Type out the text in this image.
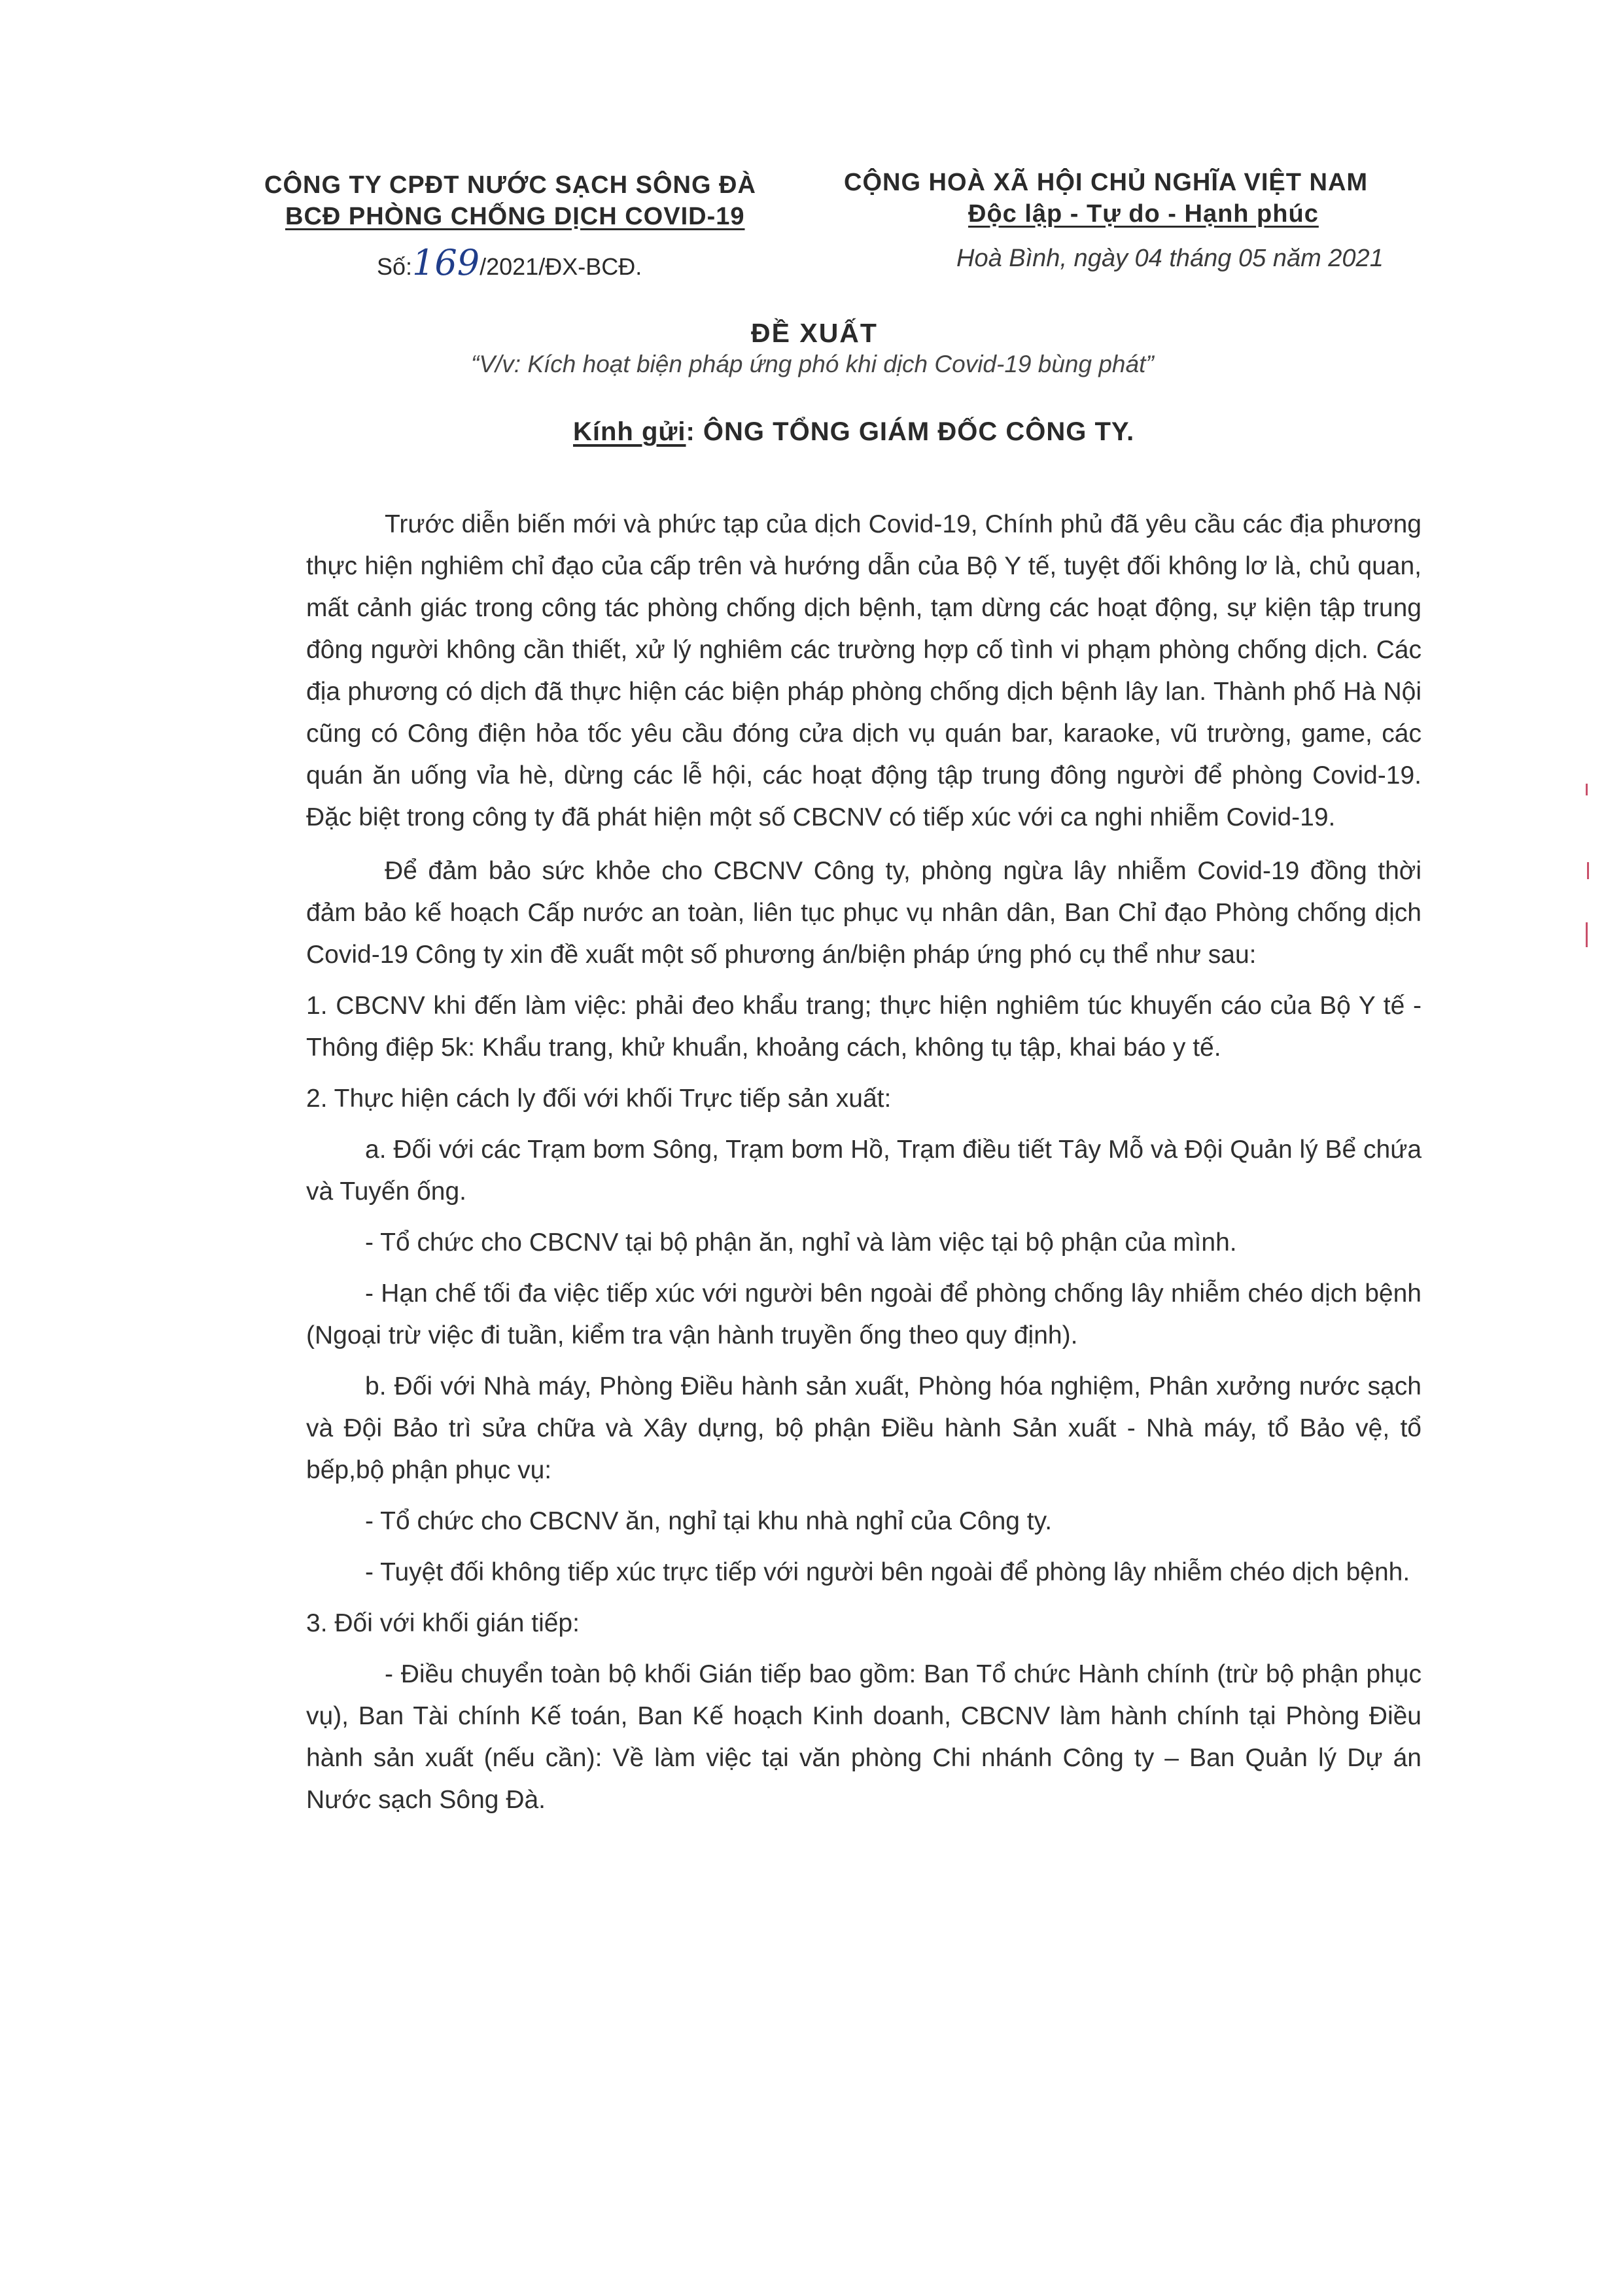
CÔNG TY CPĐT NƯỚC SẠCH SÔNG ĐÀ
BCĐ PHÒNG CHỐNG DỊCH COVID-19
Số:169/2021/ĐX-BCĐ.
CỘNG HOÀ XÃ HỘI CHỦ NGHĨA VIỆT NAM
Độc lập - Tự do - Hạnh phúc
Hoà Bình, ngày 04 tháng 05 năm 2021
ĐỀ XUẤT
“V/v: Kích hoạt biện pháp ứng phó khi dịch Covid-19 bùng phát”
Kính gửi: ÔNG TỔNG GIÁM ĐỐC CÔNG TY.

Trước diễn biến mới và phức tạp của dịch Covid-19, Chính phủ đã yêu cầu các địa phương thực hiện nghiêm chỉ đạo của cấp trên và hướng dẫn của Bộ Y tế, tuyệt đối không lơ là, chủ quan, mất cảnh giác trong công tác phòng chống dịch bệnh, tạm dừng các hoạt động, sự kiện tập trung đông người không cần thiết, xử lý nghiêm các trường hợp cố tình vi phạm phòng chống dịch. Các địa phương có dịch đã thực hiện các biện pháp phòng chống dịch bệnh lây lan. Thành phố Hà Nội cũng có Công điện hỏa tốc yêu cầu đóng cửa dịch vụ quán bar, karaoke, vũ trường, game, các quán ăn uống vỉa hè, dừng các lễ hội, các hoạt động tập trung đông người để phòng Covid-19. Đặc biệt trong công ty đã phát hiện một số CBCNV có tiếp xúc với ca nghi nhiễm Covid-19.

Để đảm bảo sức khỏe cho CBCNV Công ty, phòng ngừa lây nhiễm Covid-19 đồng thời đảm bảo kế hoạch Cấp nước an toàn, liên tục phục vụ nhân dân, Ban Chỉ đạo Phòng chống dịch Covid-19 Công ty xin đề xuất một số phương án/biện pháp ứng phó cụ thể như sau:

1. CBCNV khi đến làm việc: phải đeo khẩu trang; thực hiện nghiêm túc khuyến cáo của Bộ Y tế - Thông điệp 5k: Khẩu trang, khử khuẩn, khoảng cách, không tụ tập, khai báo y tế.

2. Thực hiện cách ly đối với khối Trực tiếp sản xuất:

a. Đối với các Trạm bơm Sông, Trạm bơm Hồ, Trạm điều tiết Tây Mỗ và Đội Quản lý Bể chứa và Tuyến ống.

- Tổ chức cho CBCNV tại bộ phận ăn, nghỉ và làm việc tại bộ phận của mình.

- Hạn chế tối đa việc tiếp xúc với người bên ngoài để phòng chống lây nhiễm chéo dịch bệnh (Ngoại trừ việc đi tuần, kiểm tra vận hành truyền ống theo quy định).

b. Đối với Nhà máy, Phòng Điều hành sản xuất, Phòng hóa nghiệm, Phân xưởng nước sạch và Đội Bảo trì sửa chữa và Xây dựng, bộ phận Điều hành Sản xuất - Nhà máy, tổ Bảo vệ, tổ bếp,bộ phận phục vụ:

- Tổ chức cho CBCNV ăn, nghỉ tại khu nhà nghỉ của Công ty.

- Tuyệt đối không tiếp xúc trực tiếp với người bên ngoài để phòng lây nhiễm chéo dịch bệnh.

3. Đối với khối gián tiếp:

- Điều chuyển toàn bộ khối Gián tiếp bao gồm: Ban Tổ chức Hành chính (trừ bộ phận phục vụ), Ban Tài chính Kế toán, Ban Kế hoạch Kinh doanh, CBCNV làm hành chính tại Phòng Điều hành sản xuất (nếu cần): Về làm việc tại văn phòng Chi nhánh Công ty – Ban Quản lý Dự án Nước sạch Sông Đà.
